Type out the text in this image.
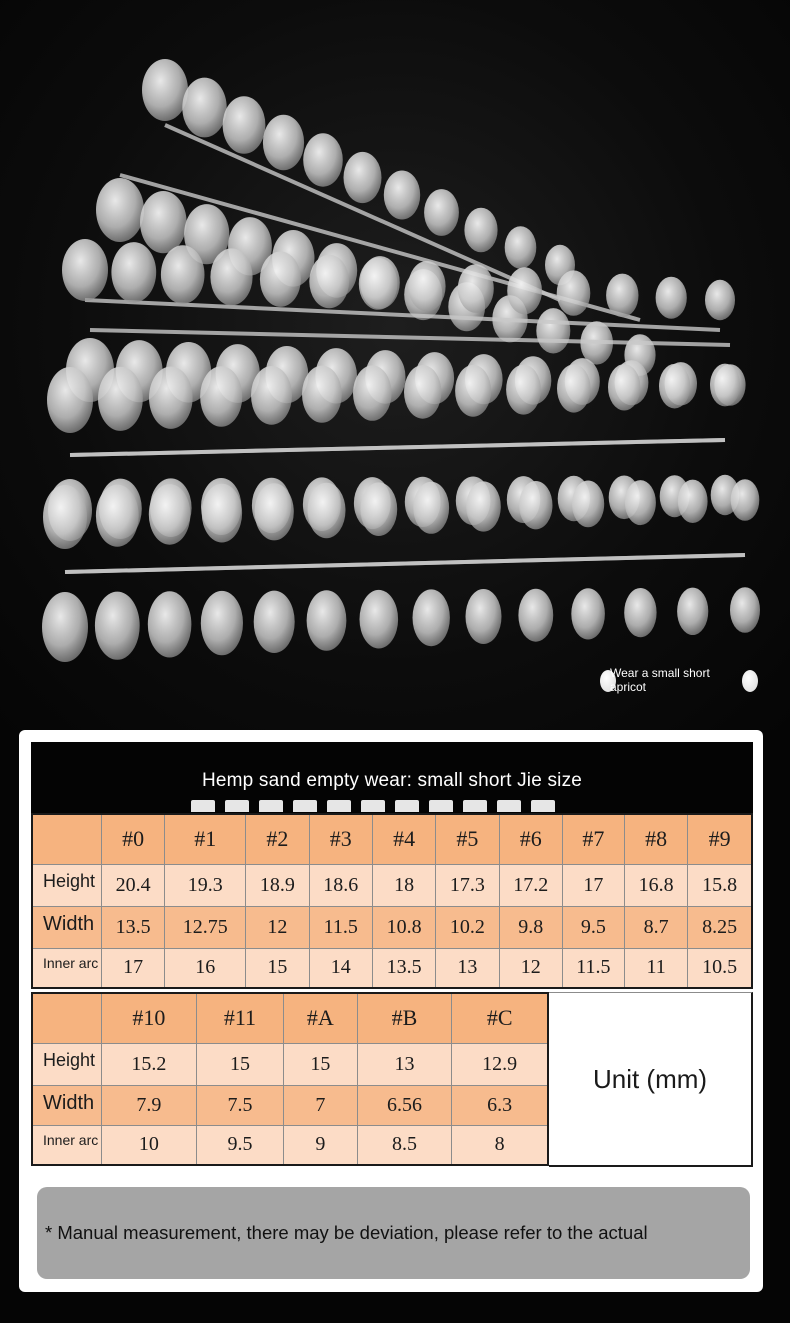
Wear a small short apricot
Hemp sand empty wear: small short Jie size
	#0	#1	#2	#3	#4	#5	#6	#7	#8	#9
Height	20.4	19.3	18.9	18.6	18	17.3	17.2	17	16.8	15.8
Width	13.5	12.75	12	11.5	10.8	10.2	9.8	9.5	8.7	8.25
Inner arc	17	16	15	14	13.5	13	12	11.5	11	10.5
	#10	#11	#A	#B	#C
Height	15.2	15	15	13	12.9
Width	7.9	7.5	7	6.56	6.3
Inner arc	10	9.5	9	8.5	8
Unit (mm)
* Manual measurement, there may be deviation, please refer to the actual
